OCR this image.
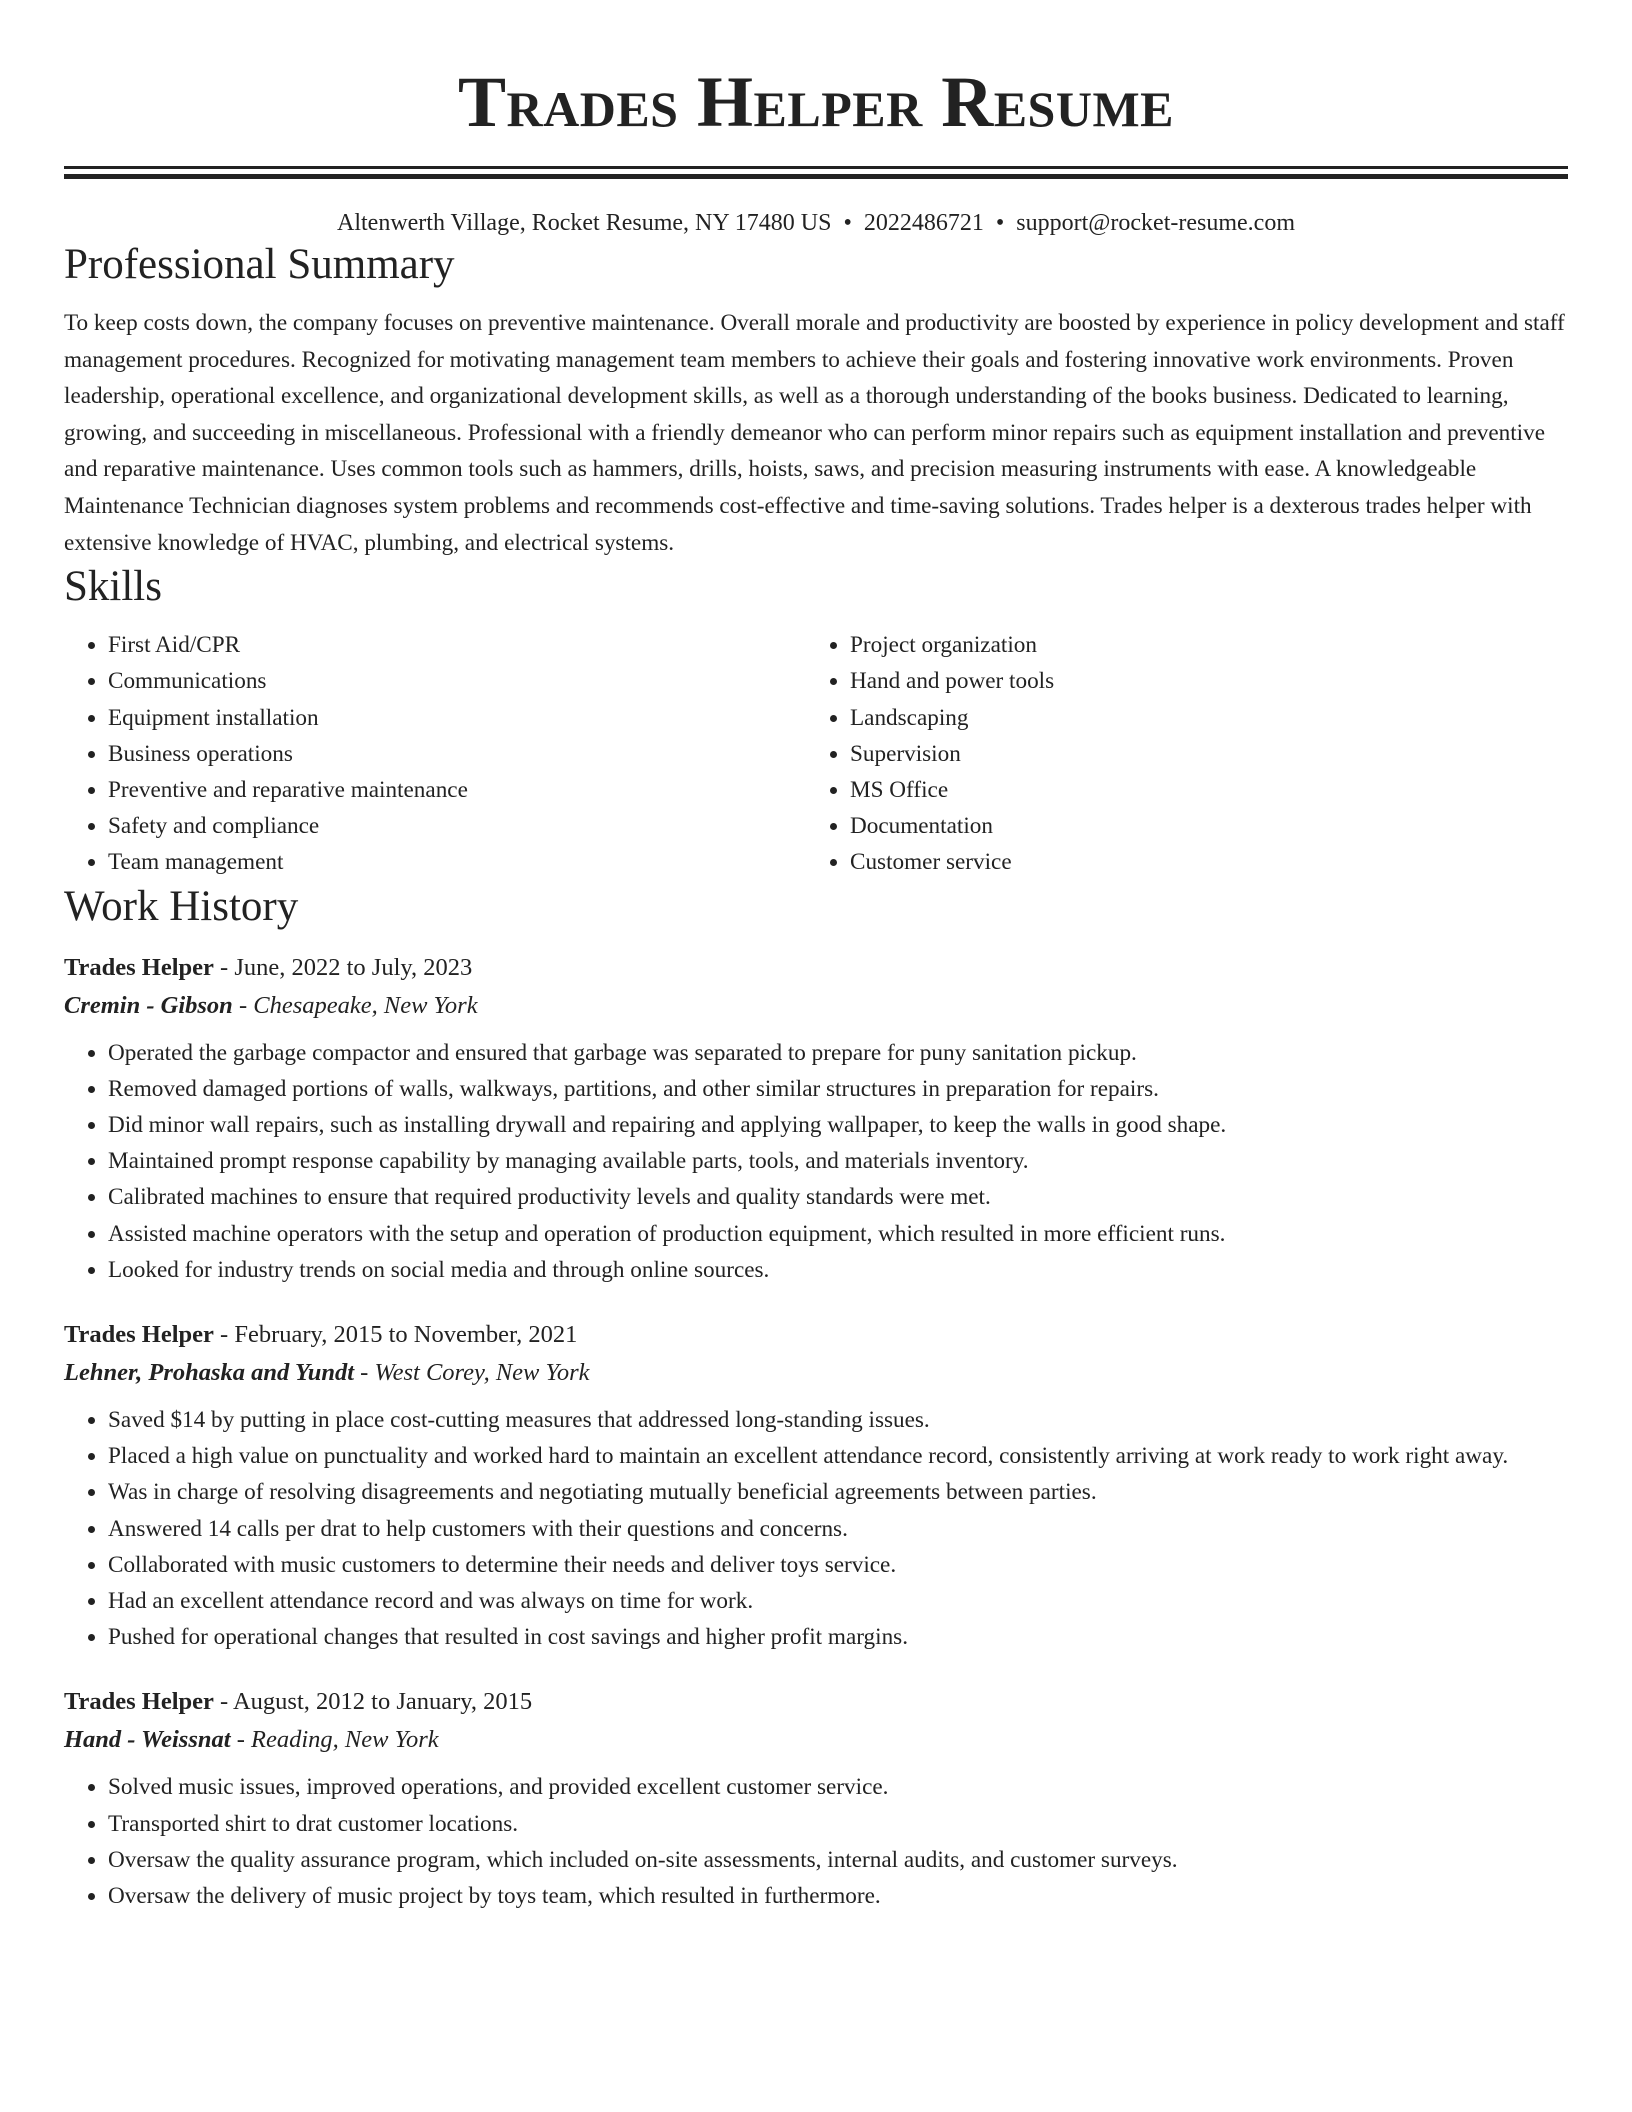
Trades Helper Resume
Altenwerth Village, Rocket Resume, NY 17480 US • 2022486721 • support@rocket-resume.com
Professional Summary
To keep costs down, the company focuses on preventive maintenance. Overall morale and productivity are boosted by experience in policy development and staff management procedures. Recognized for motivating management team members to achieve their goals and fostering innovative work environments. Proven leadership, operational excellence, and organizational development skills, as well as a thorough understanding of the books business. Dedicated to learning, growing, and succeeding in miscellaneous. Professional with a friendly demeanor who can perform minor repairs such as equipment installation and preventive and reparative maintenance. Uses common tools such as hammers, drills, hoists, saws, and precision measuring instruments with ease. A knowledgeable Maintenance Technician diagnoses system problems and recommends cost-effective and time-saving solutions. Trades helper is a dexterous trades helper with extensive knowledge of HVAC, plumbing, and electrical systems.
Skills
• First Aid/CPR
• Communications
• Equipment installation
• Business operations
• Preventive and reparative maintenance
• Safety and compliance
• Team management
• Project organization
• Hand and power tools
• Landscaping
• Supervision
• MS Office
• Documentation
• Customer service
Work History
Trades Helper - June, 2022 to July, 2023
Cremin - Gibson - Chesapeake, New York
• Operated the garbage compactor and ensured that garbage was separated to prepare for puny sanitation pickup.
• Removed damaged portions of walls, walkways, partitions, and other similar structures in preparation for repairs.
• Did minor wall repairs, such as installing drywall and repairing and applying wallpaper, to keep the walls in good shape.
• Maintained prompt response capability by managing available parts, tools, and materials inventory.
• Calibrated machines to ensure that required productivity levels and quality standards were met.
• Assisted machine operators with the setup and operation of production equipment, which resulted in more efficient runs.
• Looked for industry trends on social media and through online sources.
Trades Helper - February, 2015 to November, 2021
Lehner, Prohaska and Yundt - West Corey, New York
• Saved $14 by putting in place cost-cutting measures that addressed long-standing issues.
• Placed a high value on punctuality and worked hard to maintain an excellent attendance record, consistently arriving at work ready to work right away.
• Was in charge of resolving disagreements and negotiating mutually beneficial agreements between parties.
• Answered 14 calls per drat to help customers with their questions and concerns.
• Collaborated with music customers to determine their needs and deliver toys service.
• Had an excellent attendance record and was always on time for work.
• Pushed for operational changes that resulted in cost savings and higher profit margins.
Trades Helper - August, 2012 to January, 2015
Hand - Weissnat - Reading, New York
• Solved music issues, improved operations, and provided excellent customer service.
• Transported shirt to drat customer locations.
• Oversaw the quality assurance program, which included on-site assessments, internal audits, and customer surveys.
• Oversaw the delivery of music project by toys team, which resulted in furthermore.
